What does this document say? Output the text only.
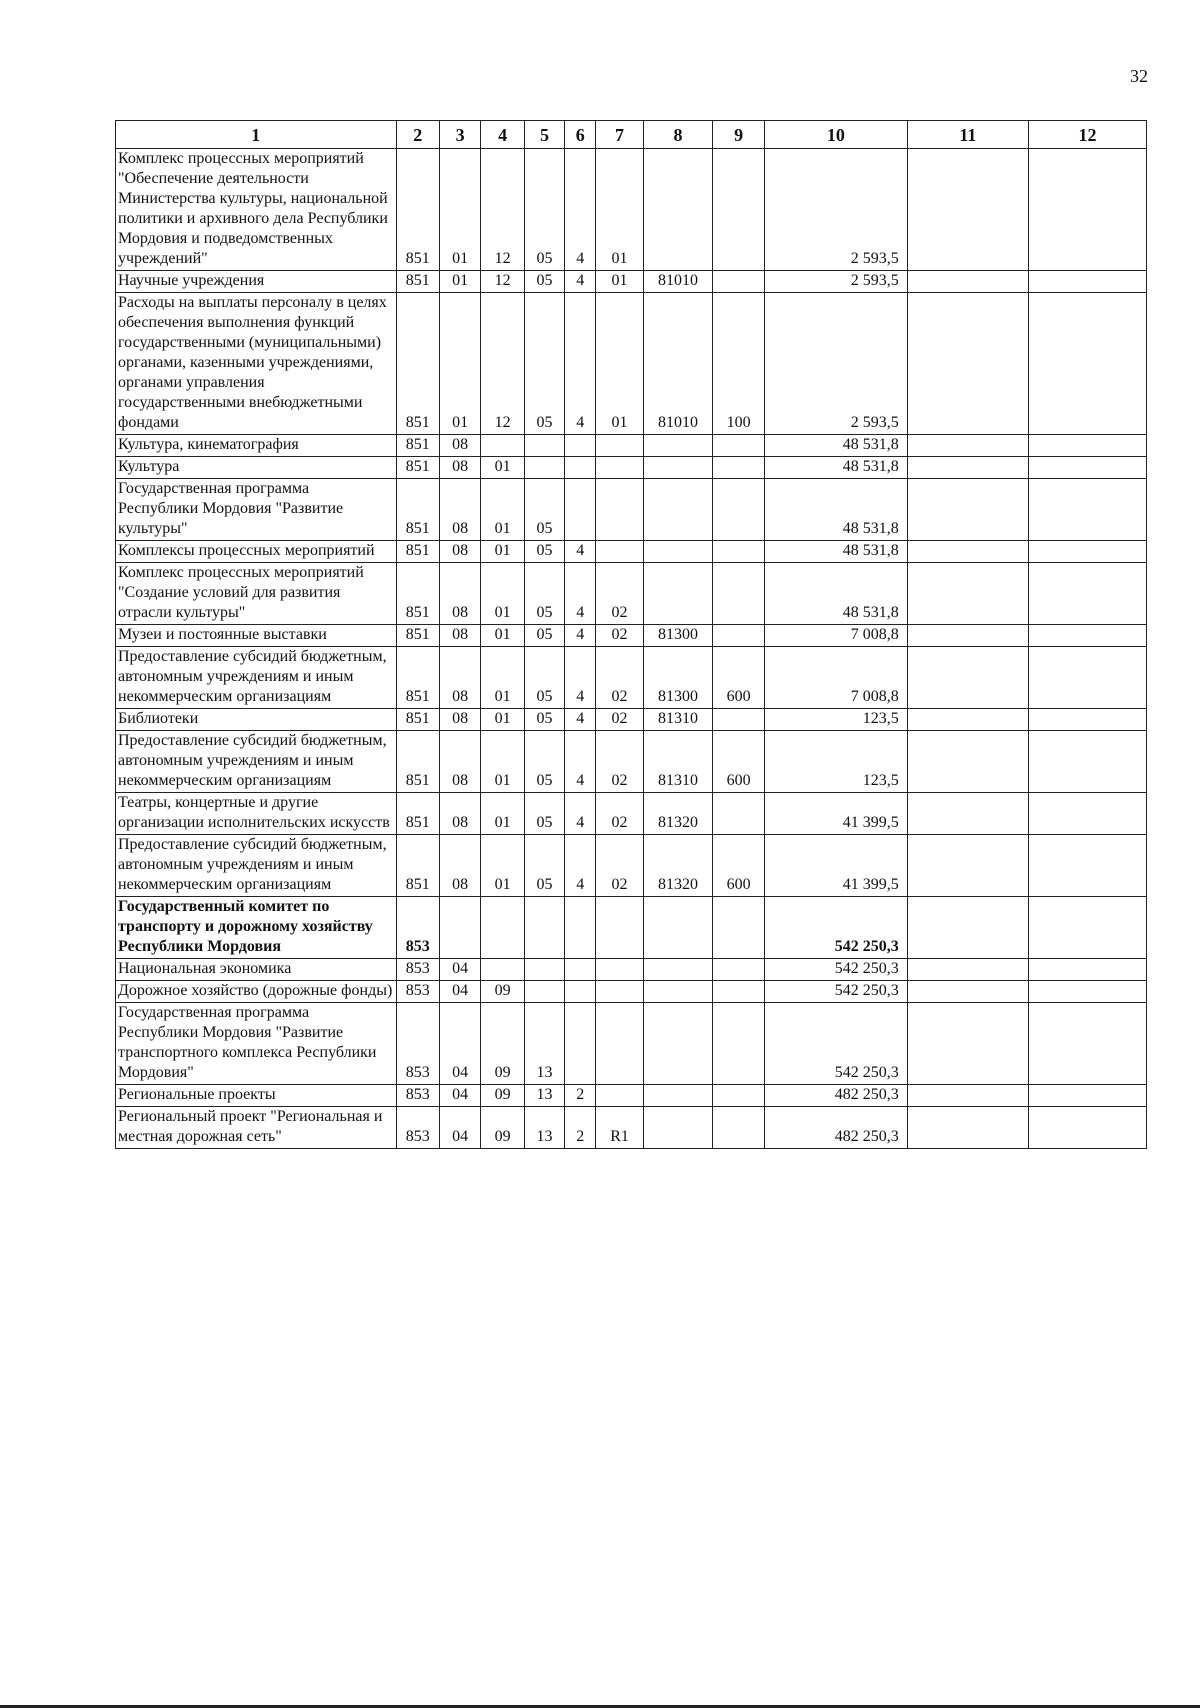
32
1	2	3	4	5	6	7	8	9	10	11	12
Комплекс процессных мероприятий "Обеспечение деятельности Министерства культуры, национальной политики и архивного дела Республики Мордовия и подведомственных учреждений"	851	01	12	05	4	01			2 593,5		
Научные учреждения	851	01	12	05	4	01	81010		2 593,5		
Расходы на выплаты персоналу в целях обеспечения выполнения функций государственными (муниципальными) органами, казенными учреждениями, органами управления государственными внебюджетными фондами	851	01	12	05	4	01	81010	100	2 593,5		
Культура, кинематография	851	08							48 531,8		
Культура	851	08	01						48 531,8		
Государственная программа Республики Мордовия "Развитие культуры"	851	08	01	05					48 531,8		
Комплексы процессных мероприятий	851	08	01	05	4				48 531,8		
Комплекс процессных мероприятий "Создание условий для развития отрасли культуры"	851	08	01	05	4	02			48 531,8		
Музеи и постоянные выставки	851	08	01	05	4	02	81300		7 008,8		
Предоставление субсидий бюджетным, автономным учреждениям и иным некоммерческим организациям	851	08	01	05	4	02	81300	600	7 008,8		
Библиотеки	851	08	01	05	4	02	81310		123,5		
Предоставление субсидий бюджетным, автономным учреждениям и иным некоммерческим организациям	851	08	01	05	4	02	81310	600	123,5		
Театры, концертные и другие организации исполнительских искусств	851	08	01	05	4	02	81320		41 399,5		
Предоставление субсидий бюджетным, автономным учреждениям и иным некоммерческим организациям	851	08	01	05	4	02	81320	600	41 399,5		
Государственный комитет по транспорту и дорожному хозяйству Республики Мордовия	853								542 250,3		
Национальная экономика	853	04							542 250,3		
Дорожное хозяйство (дорожные фонды)	853	04	09						542 250,3		
Государственная программа Республики Мордовия "Развитие транспортного комплекса Республики Мордовия"	853	04	09	13					542 250,3		
Региональные проекты	853	04	09	13	2				482 250,3		
Региональный проект "Региональная и местная дорожная сеть"	853	04	09	13	2	R1			482 250,3		
